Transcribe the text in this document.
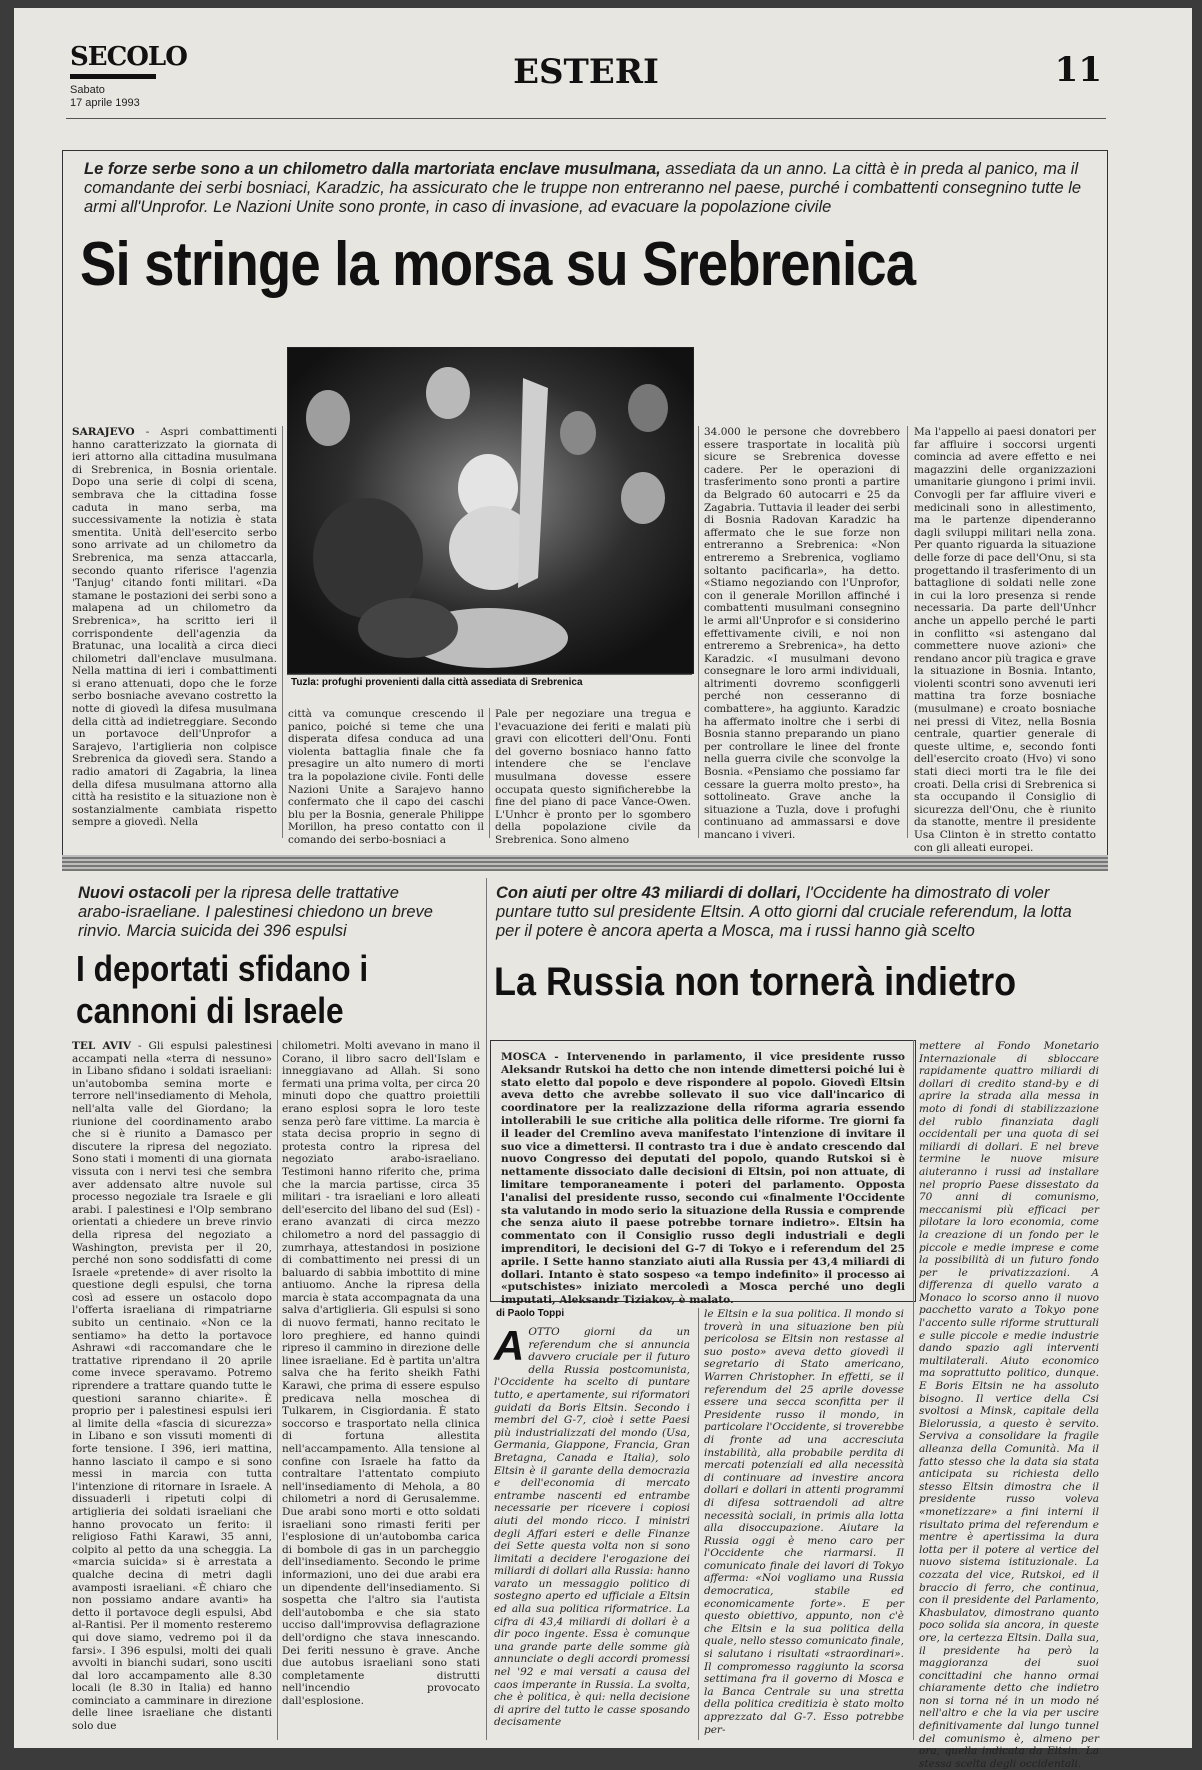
SECOLO
Sabato
17 aprile 1993
ESTERI	11
Le forze serbe sono a un chilometro dalla martoriata enclave musulmana, assediata da un anno. La città è in preda al panico, ma il comandante dei serbi bosniaci, Karadzic, ha assicurato che le truppe non entreranno nel paese, purché i combattenti consegnino tutte le armi all'Unprofor. Le Nazioni Unite sono pronte, in caso di invasione, ad evacuare la popolazione civile
Si stringe la morsa su Srebrenica
Tuzla: profughi provenienti dalla città assediata di Srebrenica
SARAJEVO - Aspri combattimenti hanno caratterizzato la giornata di ieri attorno alla cittadina musulmana di Srebrenica, in Bosnia orientale. Dopo una serie di colpi di scena, sembrava che la cittadina fosse caduta in mano serba, ma successivamente la notizia è stata smentita. Unità dell'esercito serbo sono arrivate ad un chilometro da Srebrenica, ma senza attaccarla, secondo quanto riferisce l'agenzia 'Tanjug' citando fonti militari. «Da stamane le postazioni dei serbi sono a malapena ad un chilometro da Srebrenica», ha scritto ieri il corrispondente dell'agenzia da Bratunac, una località a circa dieci chilometri dall'enclave musulmana. Nella mattina di ieri i combattimenti si erano attenuati, dopo che le forze serbo bosniache avevano costretto la notte di giovedì la difesa musulmana della città ad indietreggiare. Secondo un portavoce dell'Unprofor a Sarajevo, l'artiglieria non colpisce Srebrenica da giovedì sera. Stando a radio amatori di Zagabria, la linea della difesa musulmana attorno alla città ha resistito e la situazione non è sostanzialmente cambiata rispetto sempre a giovedì. Nella
città va comunque crescendo il panico, poiché si teme che una disperata difesa conduca ad una violenta battaglia finale che fa presagire un alto numero di morti tra la popolazione civile. Fonti delle Nazioni Unite a Sarajevo hanno confermato che il capo dei caschi blu per la Bosnia, generale Philippe Morillon, ha preso contatto con il comando dei serbo-bosniaci a
Pale per negoziare una tregua e l'evacuazione dei feriti e malati più gravi con elicotteri dell'Onu. Fonti del governo bosniaco hanno fatto intendere che se l'enclave musulmana dovesse essere occupata questo significherebbe la fine del piano di pace Vance-Owen. L'Unhcr è pronto per lo sgombero della popolazione civile da Srebrenica. Sono almeno
34.000 le persone che dovrebbero essere trasportate in località più sicure se Srebrenica dovesse cadere. Per le operazioni di trasferimento sono pronti a partire da Belgrado 60 autocarri e 25 da Zagabria. Tuttavia il leader dei serbi di Bosnia Radovan Karadzic ha affermato che le sue forze non entreranno a Srebrenica: «Non entreremo a Srebrenica, vogliamo soltanto pacificarla», ha detto. «Stiamo negoziando con l'Unprofor, con il generale Morillon affinché i combattenti musulmani consegnino le armi all'Unprofor e si considerino effettivamente civili, e noi non entreremo a Srebrenica», ha detto Karadzic. «I musulmani devono consegnare le loro armi individuali, altrimenti dovremo sconfiggerli perché non cesseranno di combattere», ha aggiunto. Karadzic ha affermato inoltre che i serbi di Bosnia stanno preparando un piano per controllare le linee del fronte nella guerra civile che sconvolge la Bosnia. «Pensiamo che possiamo far cessare la guerra molto presto», ha sottolineato. Grave anche la situazione a Tuzla, dove i profughi continuano ad ammassarsi e dove mancano i viveri.
Ma l'appello ai paesi donatori per far affluire i soccorsi urgenti comincia ad avere effetto e nei magazzini delle organizzazioni umanitarie giungono i primi invii. Convogli per far affluire viveri e medicinali sono in allestimento, ma le partenze dipenderanno dagli sviluppi militari nella zona. Per quanto riguarda la situazione delle forze di pace dell'Onu, si sta progettando il trasferimento di un battaglione di soldati nelle zone in cui la loro presenza si rende necessaria. Da parte dell'Unhcr anche un appello perché le parti in conflitto «si astengano dal commettere nuove azioni» che rendano ancor più tragica e grave la situazione in Bosnia. Intanto, violenti scontri sono avvenuti ieri mattina tra forze bosniache (musulmane) e croato bosniache nei pressi di Vitez, nella Bosnia centrale, quartier generale di queste ultime, e, secondo fonti dell'esercito croato (Hvo) vi sono stati dieci morti tra le file dei croati. Della crisi di Srebrenica si sta occupando il Consiglio di sicurezza dell'Onu, che è riunito da stanotte, mentre il presidente Usa Clinton è in stretto contatto con gli alleati europei.
Nuovi ostacoli per la ripresa delle trattative arabo-israeliane. I palestinesi chiedono un breve rinvio. Marcia suicida dei 396 espulsi
I deportati sfidano i cannoni di Israele
TEL AVIV - Gli espulsi palestinesi accampati nella «terra di nessuno» in Libano sfidano i soldati israeliani: un'autobomba semina morte e terrore nell'insediamento di Mehola, nell'alta valle del Giordano; la riunione del coordinamento arabo che si è riunito a Damasco per discutere la ripresa del negoziato. Sono stati i momenti di una giornata vissuta con i nervi tesi che sembra aver addensato altre nuvole sul processo negoziale tra Israele e gli arabi. I palestinesi e l'Olp sembrano orientati a chiedere un breve rinvio della ripresa del negoziato a Washington, prevista per il 20, perché non sono soddisfatti di come Israele «pretende» di aver risolto la questione degli espulsi, che torna così ad essere un ostacolo dopo l'offerta israeliana di rimpatriarne subito un centinaio. «Non ce la sentiamo» ha detto la portavoce Ashrawi «di raccomandare che le trattative riprendano il 20 aprile come invece speravamo. Potremo riprendere a trattare quando tutte le questioni saranno chiarite». È proprio per i palestinesi espulsi ieri al limite della «fascia di sicurezza» in Libano e son vissuti momenti di forte tensione. I 396, ieri mattina, hanno lasciato il campo e si sono messi in marcia con tutta l'intenzione di ritornare in Israele. A dissuaderli i ripetuti colpi di artiglieria dei soldati israeliani che hanno provocato un ferito: il religioso Fathi Karawi, 35 anni, colpito al petto da una scheggia. La «marcia suicida» si è arrestata a qualche decina di metri dagli avamposti israeliani. «È chiaro che non possiamo andare avanti» ha detto il portavoce degli espulsi, Abd al-Rantisi. Per il momento resteremo qui dove siamo, vedremo poi il da farsi». I 396 espulsi, molti dei quali avvolti in bianchi sudari, sono usciti dal loro accampamento alle 8.30 locali (le 8.30 in Italia) ed hanno cominciato a camminare in direzione delle linee israeliane che distanti solo due
chilometri. Molti avevano in mano il Corano, il libro sacro dell'Islam e inneggiavano ad Allah. Si sono fermati una prima volta, per circa 20 minuti dopo che quattro proiettili erano esplosi sopra le loro teste senza però fare vittime. La marcia è stata decisa proprio in segno di protesta contro la ripresa del negoziato arabo-israeliano. Testimoni hanno riferito che, prima che la marcia partisse, circa 35 militari - tra israeliani e loro alleati dell'esercito del libano del sud (Esl) - erano avanzati di circa mezzo chilometro a nord del passaggio di zumrhaya, attestandosi in posizione di combattimento nei pressi di un baluardo di sabbia imbottito di mine antiuomo. Anche la ripresa della marcia è stata accompagnata da una salva d'artiglieria. Gli espulsi si sono di nuovo fermati, hanno recitato le loro preghiere, ed hanno quindi ripreso il cammino in direzione delle linee israeliane. Ed è partita un'altra salva che ha ferito sheikh Fathi Karawi, che prima di essere espulso predicava nella moschea di Tulkarem, in Cisgiordania. È stato soccorso e trasportato nella clinica di fortuna allestita nell'accampamento. Alla tensione al confine con Israele ha fatto da contraltare l'attentato compiuto nell'insediamento di Mehola, a 80 chilometri a nord di Gerusalemme. Due arabi sono morti e otto soldati israeliani sono rimasti feriti per l'esplosione di un'autobomba carica di bombole di gas in un parcheggio dell'insediamento. Secondo le prime informazioni, uno dei due arabi era un dipendente dell'insediamento. Si sospetta che l'altro sia l'autista dell'autobomba e che sia stato ucciso dall'improvvisa deflagrazione dell'ordigno che stava innescando. Dei feriti nessuno è grave. Anche due autobus israeliani sono stati completamente distrutti nell'incendio provocato dall'esplosione.
Con aiuti per oltre 43 miliardi di dollari, l'Occidente ha dimostrato di voler puntare tutto sul presidente Eltsin. A otto giorni dal cruciale referendum, la lotta per il potere è ancora aperta a Mosca, ma i russi hanno già scelto
La Russia non tornerà indietro
MOSCA - Intervenendo in parlamento, il vice presidente russo Aleksandr Rutskoi ha detto che non intende dimettersi poiché lui è stato eletto dal popolo e deve rispondere al popolo. Giovedì Eltsin aveva detto che avrebbe sollevato il suo vice dall'incarico di coordinatore per la realizzazione della riforma agraria essendo intollerabili le sue critiche alla politica delle riforme. Tre giorni fa il leader del Cremlino aveva manifestato l'intenzione di invitare il suo vice a dimettersi. Il contrasto tra i due è andato crescendo dal nuovo Congresso dei deputati del popolo, quando Rutskoi si è nettamente dissociato dalle decisioni di Eltsin, poi non attuate, di limitare temporaneamente i poteri del parlamento. Opposta l'analisi del presidente russo, secondo cui «finalmente l'Occidente sta valutando in modo serio la situazione della Russia e comprende che senza aiuto il paese potrebbe tornare indietro». Eltsin ha commentato con il Consiglio russo degli industriali e degli imprenditori, le decisioni del G-7 di Tokyo e i referendum del 25 aprile. I Sette hanno stanziato aiuti alla Russia per 43,4 miliardi di dollari. Intanto è stato sospeso «a tempo indefinito» il processo ai «putschistes» iniziato mercoledì a Mosca perché uno degli imputati, Aleksandr Tiziakov, è malato.
di Paolo Toppi
A OTTO giorni da un referendum che si annuncia davvero cruciale per il futuro della Russia postcomunista, l'Occidente ha scelto di puntare tutto, e apertamente, sui riformatori guidati da Boris Eltsin. Secondo i membri del G-7, cioè i sette Paesi più industrializzati del mondo (Usa, Germania, Giappone, Francia, Gran Bretagna, Canada e Italia), solo Eltsin è il garante della democrazia e dell'economia di mercato entrambe nascenti ed entrambe necessarie per ricevere i copiosi aiuti del mondo ricco. I ministri degli Affari esteri e delle Finanze dei Sette questa volta non si sono limitati a decidere l'erogazione dei miliardi di dollari alla Russia: hanno varato un messaggio politico di sostegno aperto ed ufficiale a Eltsin ed alla sua politica riformatrice. La cifra di 43,4 miliardi di dollari è a dir poco ingente. Essa è comunque una grande parte delle somme già annunciate o degli accordi promessi nel '92 e mai versati a causa del caos imperante in Russia. La svolta, che è politica, è qui: nella decisione di aprire del tutto le casse sposando decisamente
le Eltsin e la sua politica. Il mondo si troverà in una situazione ben più pericolosa se Eltsin non restasse al suo posto» aveva detto giovedì il segretario di Stato americano, Warren Christopher. In effetti, se il referendum del 25 aprile dovesse essere una secca sconfitta per il Presidente russo il mondo, in particolare l'Occidente, si troverebbe di fronte ad una accresciuta instabilità, alla probabile perdita di mercati potenziali ed alla necessità di continuare ad investire ancora dollari e dollari in attenti programmi di difesa sottraendoli ad altre necessità sociali, in primis alla lotta alla disoccupazione. Aiutare la Russia oggi è meno caro per l'Occidente che riarmarsi. Il comunicato finale dei lavori di Tokyo afferma: «Noi vogliamo una Russia democratica, stabile ed economicamente forte». E per questo obiettivo, appunto, non c'è che Eltsin e la sua politica della quale, nello stesso comunicato finale, si salutano i risultati «straordinari». Il compromesso raggiunto la scorsa settimana fra il governo di Mosca e la Banca Centrale su una stretta della politica creditizia è stato molto apprezzato dal G-7. Esso potrebbe per-
mettere al Fondo Monetario Internazionale di sbloccare rapidamente quattro miliardi di dollari di credito stand-by e di aprire la strada alla messa in moto di fondi di stabilizzazione del rublo finanziata dagli occidentali per una quota di sei miliardi di dollari. E nel breve termine le nuove misure aiuteranno i russi ad installare nel proprio Paese dissestato da 70 anni di comunismo, meccanismi più efficaci per pilotare la loro economia, come la creazione di un fondo per le piccole e medie imprese e come la possibilità di un futuro fondo per le privatizzazioni. A differenza di quello varato a Monaco lo scorso anno il nuovo pacchetto varato a Tokyo pone l'accento sulle riforme strutturali e sulle piccole e medie industrie dando spazio agli interventi multilaterali. Aiuto economico ma soprattutto politico, dunque. E Boris Eltsin ne ha assoluto bisogno. Il vertice della Csi svoltosi a Minsk, capitale della Bielorussia, a questo è servito. Serviva a consolidare la fragile alleanza della Comunità. Ma il fatto stesso che la data sia stata anticipata su richiesta dello stesso Eltsin dimostra che il presidente russo voleva «monetizzare» a fini interni il risultato prima del referendum e mentre è apertissima la dura lotta per il potere al vertice del nuovo sistema istituzionale. La cozzata del vice, Rutskoi, ed il braccio di ferro, che continua, con il presidente del Parlamento, Khasbulatov, dimostrano quanto poco solida sia ancora, in queste ore, la certezza Eltsin. Dalla sua, il presidente ha però la maggioranza dei suoi concittadini che hanno ormai chiaramente detto che indietro non si torna né in un modo né nell'altro e che la via per uscire definitivamente dal lungo tunnel del comunismo è, almeno per ora, quella indicata da Eltsin. La stessa scelta degli occidentali.
